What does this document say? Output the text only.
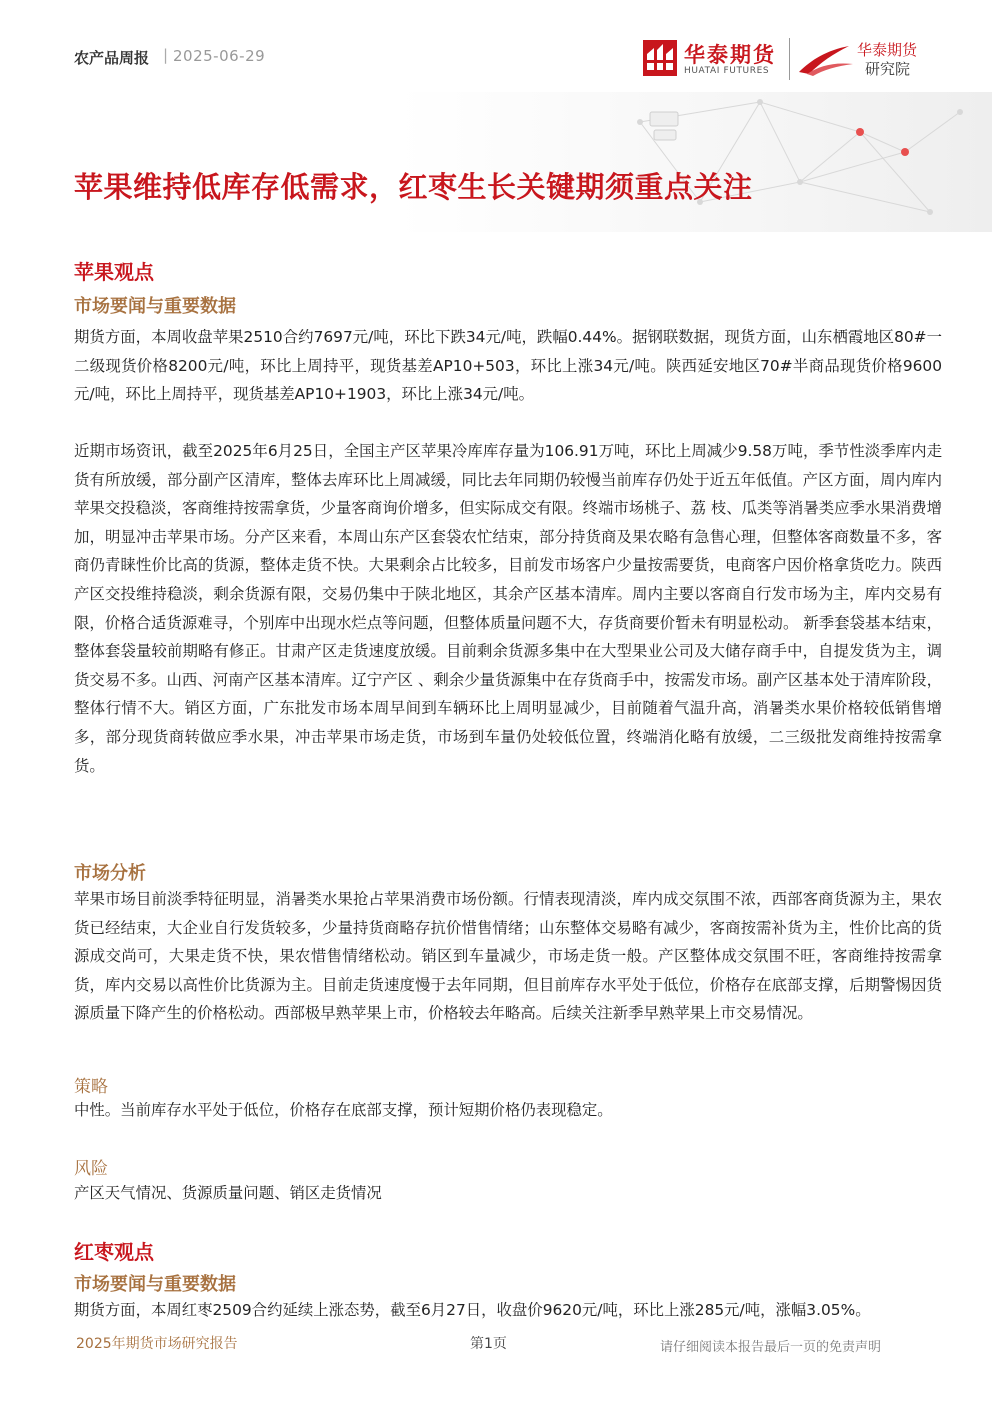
农产品周报 | 2025-06-29	华泰期货
HUATAI FUTURES
华泰期货
研究院
苹果维持低库存低需求，红枣生长关键期须重点关注
苹果观点
市场要闻与重要数据

期货方面，本周收盘苹果2510合约7697元/吨，环比下跌34元/吨，跌幅0.44%。据钢联数据，现货方面，山东栖霞地区80#一二级现货价格8200元/吨，环比上周持平，现货基差AP10+503，环比上涨34元/吨。陕西延安地区70#半商品现货价格9600元/吨，环比上周持平，现货基差AP10+1903，环比上涨34元/吨。

近期市场资讯，截至2025年6月25日，全国主产区苹果冷库库存量为106.91万吨，环比上周减少9.58万吨，季节性淡季库内走货有所放缓，部分副产区清库，整体去库环比上周减缓，同比去年同期仍较慢当前库存仍处于近五年低值。产区方面，周内库内苹果交投稳淡，客商维持按需拿货，少量客商询价增多，但实际成交有限。终端市场桃子、荔 枝、瓜类等消暑类应季水果消费增加，明显冲击苹果市场。分产区来看，本周山东产区套袋农忙结束，部分持货商及果农略有急售心理，但整体客商数量不多，客商仍青睐性价比高的货源，整体走货不快。大果剩余占比较多，目前发市场客户少量按需要货，电商客户因价格拿货吃力。陕西产区交投维持稳淡，剩余货源有限，交易仍集中于陕北地区，其余产区基本清库。周内主要以客商自行发市场为主，库内交易有限，价格合适货源难寻，个别库中出现水烂点等问题，但整体质量问题不大，存货商要价暂未有明显松动。 新季套袋基本结束，整体套袋量较前期略有修正。甘肃产区走货速度放缓。目前剩余货源多集中在大型果业公司及大储存商手中，自提发货为主，调货交易不多。山西、河南产区基本清库。辽宁产区 、剩余少量货源集中在存货商手中，按需发市场。副产区基本处于清库阶段，整体行情不大。销区方面，广东批发市场本周早间到车辆环比上周明显减少，目前随着气温升高，消暑类水果价格较低销售增多，部分现货商转做应季水果，冲击苹果市场走货，市场到车量仍处较低位置，终端消化略有放缓，二三级批发商维持按需拿货。

市场分析

苹果市场目前淡季特征明显，消暑类水果抢占苹果消费市场份额。行情表现清淡，库内成交氛围不浓，西部客商货源为主，果农货已经结束，大企业自行发货较多，少量持货商略存抗价惜售情绪；山东整体交易略有减少，客商按需补货为主，性价比高的货源成交尚可，大果走货不快，果农惜售情绪松动。销区到车量减少，市场走货一般。产区整体成交氛围不旺，客商维持按需拿货，库内交易以高性价比货源为主。目前走货速度慢于去年同期，但目前库存水平处于低位，价格存在底部支撑，后期警惕因货源质量下降产生的价格松动。西部极早熟苹果上市，价格较去年略高。后续关注新季早熟苹果上市交易情况。

策略

中性。当前库存水平处于低位，价格存在底部支撑，预计短期价格仍表现稳定。

风险

产区天气情况、货源质量问题、销区走货情况

红枣观点
市场要闻与重要数据

期货方面，本周红枣2509合约延续上涨态势，截至6月27日，收盘价9620元/吨，环比上涨285元/吨，涨幅3.05%。

2025年期货市场研究报告	第1页	请仔细阅读本报告最后一页的免责声明
